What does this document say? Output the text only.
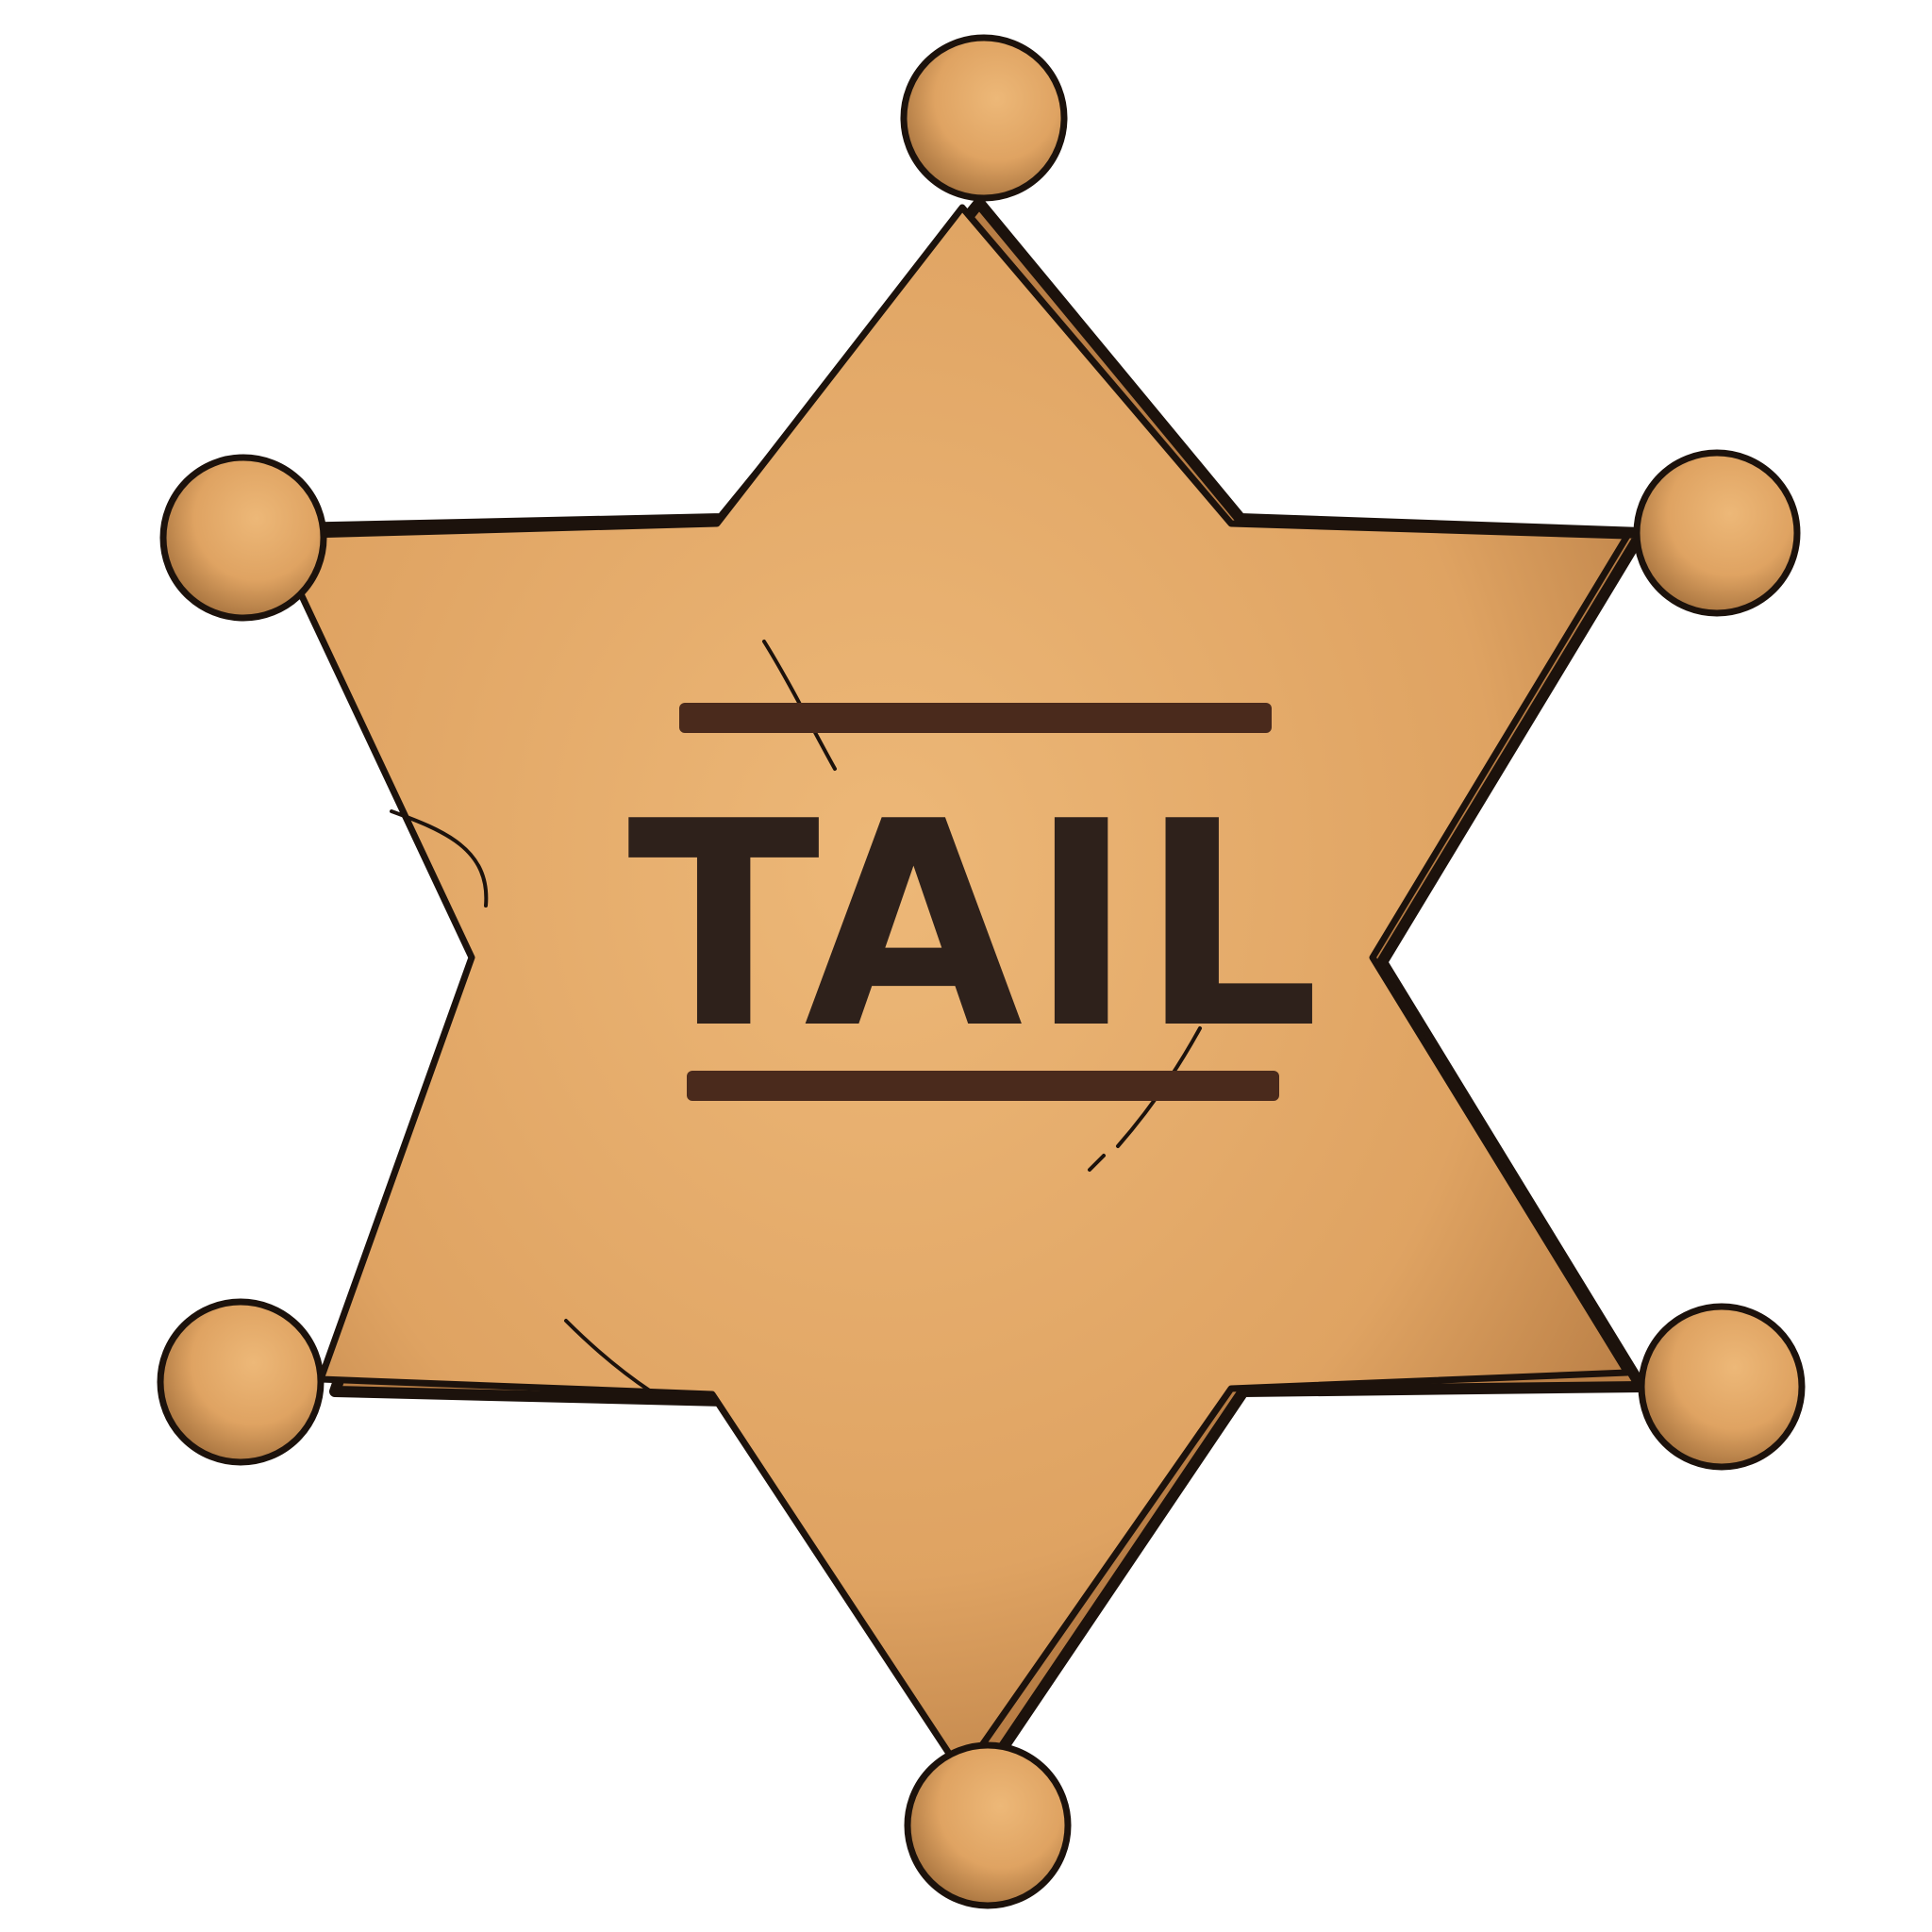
TAIL
